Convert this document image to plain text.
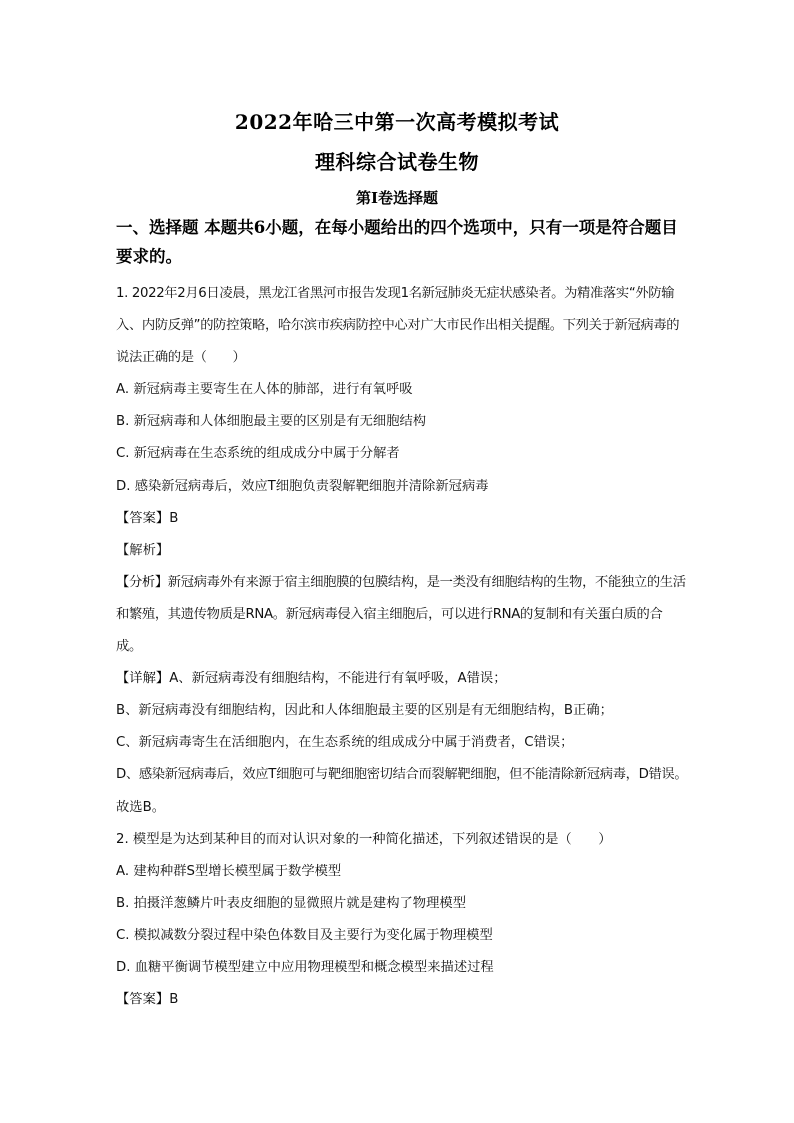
2022年哈三中第一次高考模拟考试
理科综合试卷生物
第Ⅰ卷选择题
一、选择题 本题共6小题，在每小题给出的四个选项中，只有一项是符合题目要求的。

1. 2022年2月6日凌晨，黑龙江省黑河市报告发现1名新冠肺炎无症状感染者。为精准落实“外防输入、内防反弹”的防控策略，哈尔滨市疾病防控中心对广大市民作出相关提醒。下列关于新冠病毒的说法正确的是（　　）

A. 新冠病毒主要寄生在人体的肺部，进行有氧呼吸

B. 新冠病毒和人体细胞最主要的区别是有无细胞结构

C. 新冠病毒在生态系统的组成成分中属于分解者

D. 感染新冠病毒后，效应T细胞负责裂解靶细胞并清除新冠病毒

【答案】B

【解析】

【分析】新冠病毒外有来源于宿主细胞膜的包膜结构，是一类没有细胞结构的生物，不能独立的生活和繁殖，其遗传物质是RNA。新冠病毒侵入宿主细胞后，可以进行RNA的复制和有关蛋白质的合成。

【详解】A、新冠病毒没有细胞结构，不能进行有氧呼吸，A错误；

B、新冠病毒没有细胞结构，因此和人体细胞最主要的区别是有无细胞结构，B正确；

C、新冠病毒寄生在活细胞内，在生态系统的组成成分中属于消费者，C错误；

D、感染新冠病毒后，效应T细胞可与靶细胞密切结合而裂解靶细胞，但不能清除新冠病毒，D错误。

故选B。

2. 模型是为达到某种目的而对认识对象的一种简化描述，下列叙述错误的是（　　）

A. 建构种群S型增长模型属于数学模型

B. 拍摄洋葱鳞片叶表皮细胞的显微照片就是建构了物理模型

C. 模拟减数分裂过程中染色体数目及主要行为变化属于物理模型

D. 血糖平衡调节模型建立中应用物理模型和概念模型来描述过程

【答案】B
